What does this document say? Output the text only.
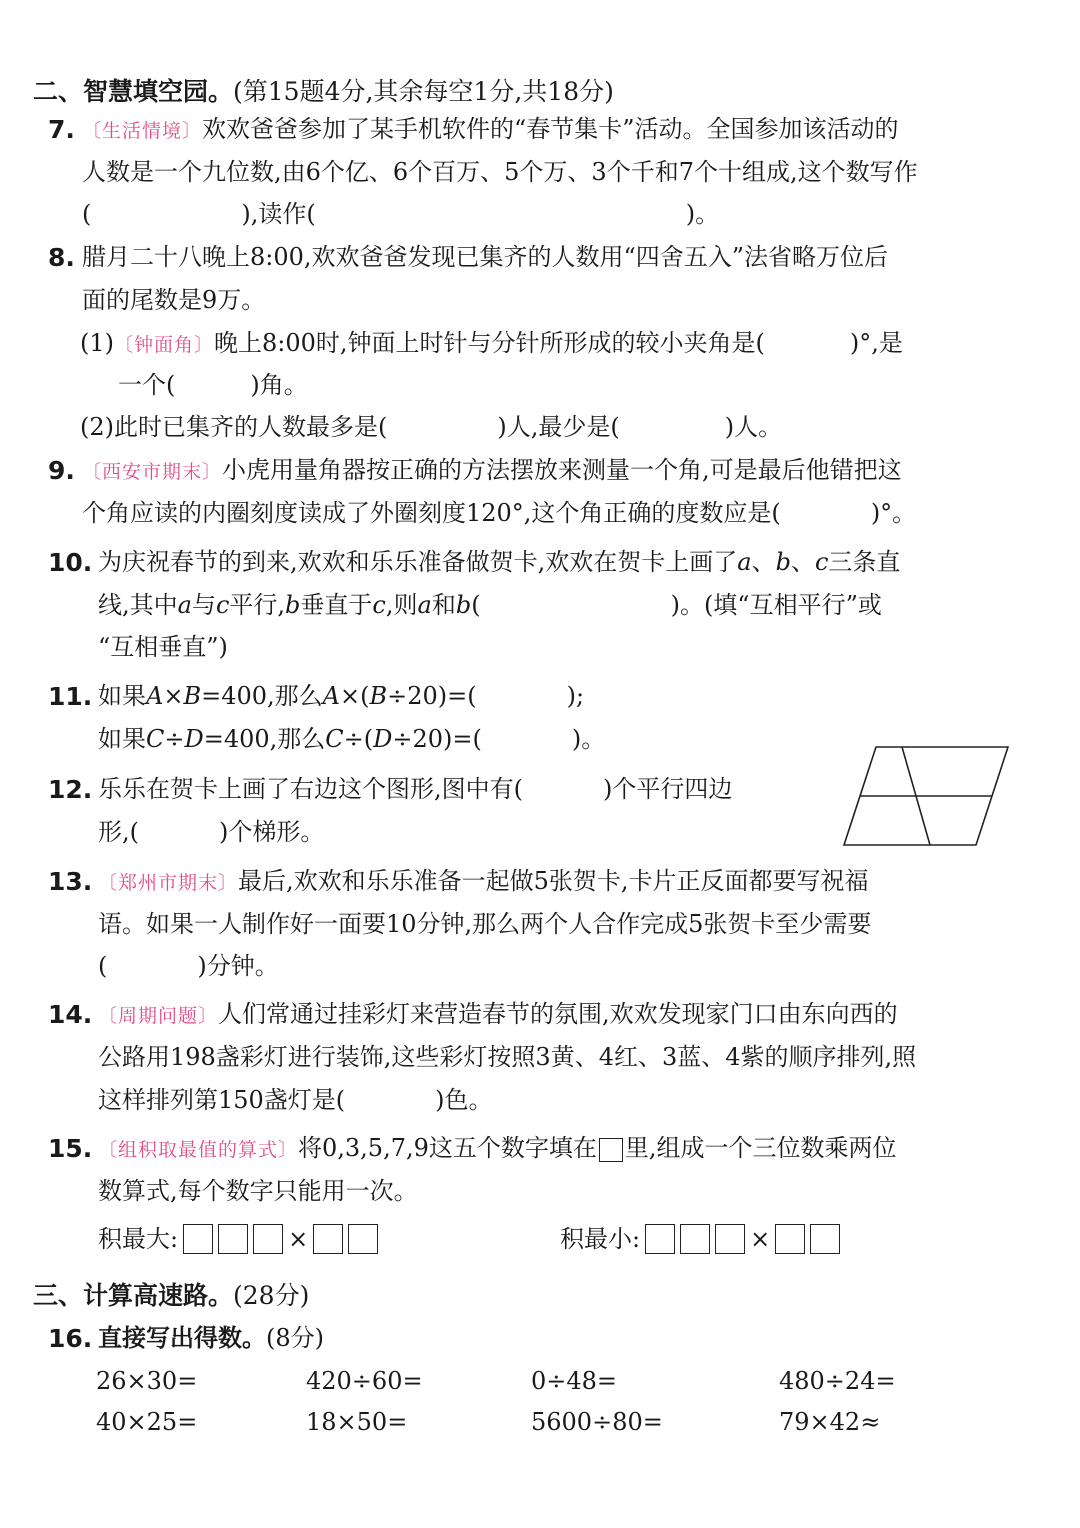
二、智慧填空园。(第15题4分,其余每空1分,共18分)
7. 〔生活情境〕欢欢爸爸参加了某手机软件的“春节集卡”活动。全国参加该活动的
人数是一个九位数,由6个亿、6个百万、5个万、3个千和7个十组成,这个数写作
(	),读作(	)。
8. 腊月二十八晚上8:00,欢欢爸爸发现已集齐的人数用“四舍五入”法省略万位后
面的尾数是9万。
(1)〔钟面角〕晚上8:00时,钟面上时针与分针所形成的较小夹角是(	)°,是
一个(	)角。
(2)此时已集齐的人数最多是(	)人,最少是(	)人。
9. 〔西安市期末〕小虎用量角器按正确的方法摆放来测量一个角,可是最后他错把这
个角应读的内圈刻度读成了外圈刻度120°,这个角正确的度数应是(	)°。
10. 为庆祝春节的到来,欢欢和乐乐准备做贺卡,欢欢在贺卡上画了a、b、c三条直
线,其中a与c平行,b垂直于c,则a和b(	)。(填“互相平行”或
“互相垂直”)
11. 如果A×B=400,那么A×(B÷20)=(	);
如果C÷D=400,那么C÷(D÷20)=(	)。
12. 乐乐在贺卡上画了右边这个图形,图中有(	)个平行四边
形,(	)个梯形。
13. 〔郑州市期末〕最后,欢欢和乐乐准备一起做5张贺卡,卡片正反面都要写祝福
语。如果一人制作好一面要10分钟,那么两个人合作完成5张贺卡至少需要
(	)分钟。
14. 〔周期问题〕人们常通过挂彩灯来营造春节的氛围,欢欢发现家门口由东向西的
公路用198盏彩灯进行装饰,这些彩灯按照3黄、4红、3蓝、4紫的顺序排列,照
这样排列第150盏灯是(	)色。
15. 〔组积取最值的算式〕将0,3,5,7,9这五个数字填在 里,组成一个三位数乘两位
数算式,每个数字只能用一次。
积最大:	×	积最小:	×
三、计算高速路。(28分)
16. 直接写出得数。(8分)
26×30=	420÷60=	0÷48=	480÷24=
40×25=	18×50=	5600÷80=	79×42≈
